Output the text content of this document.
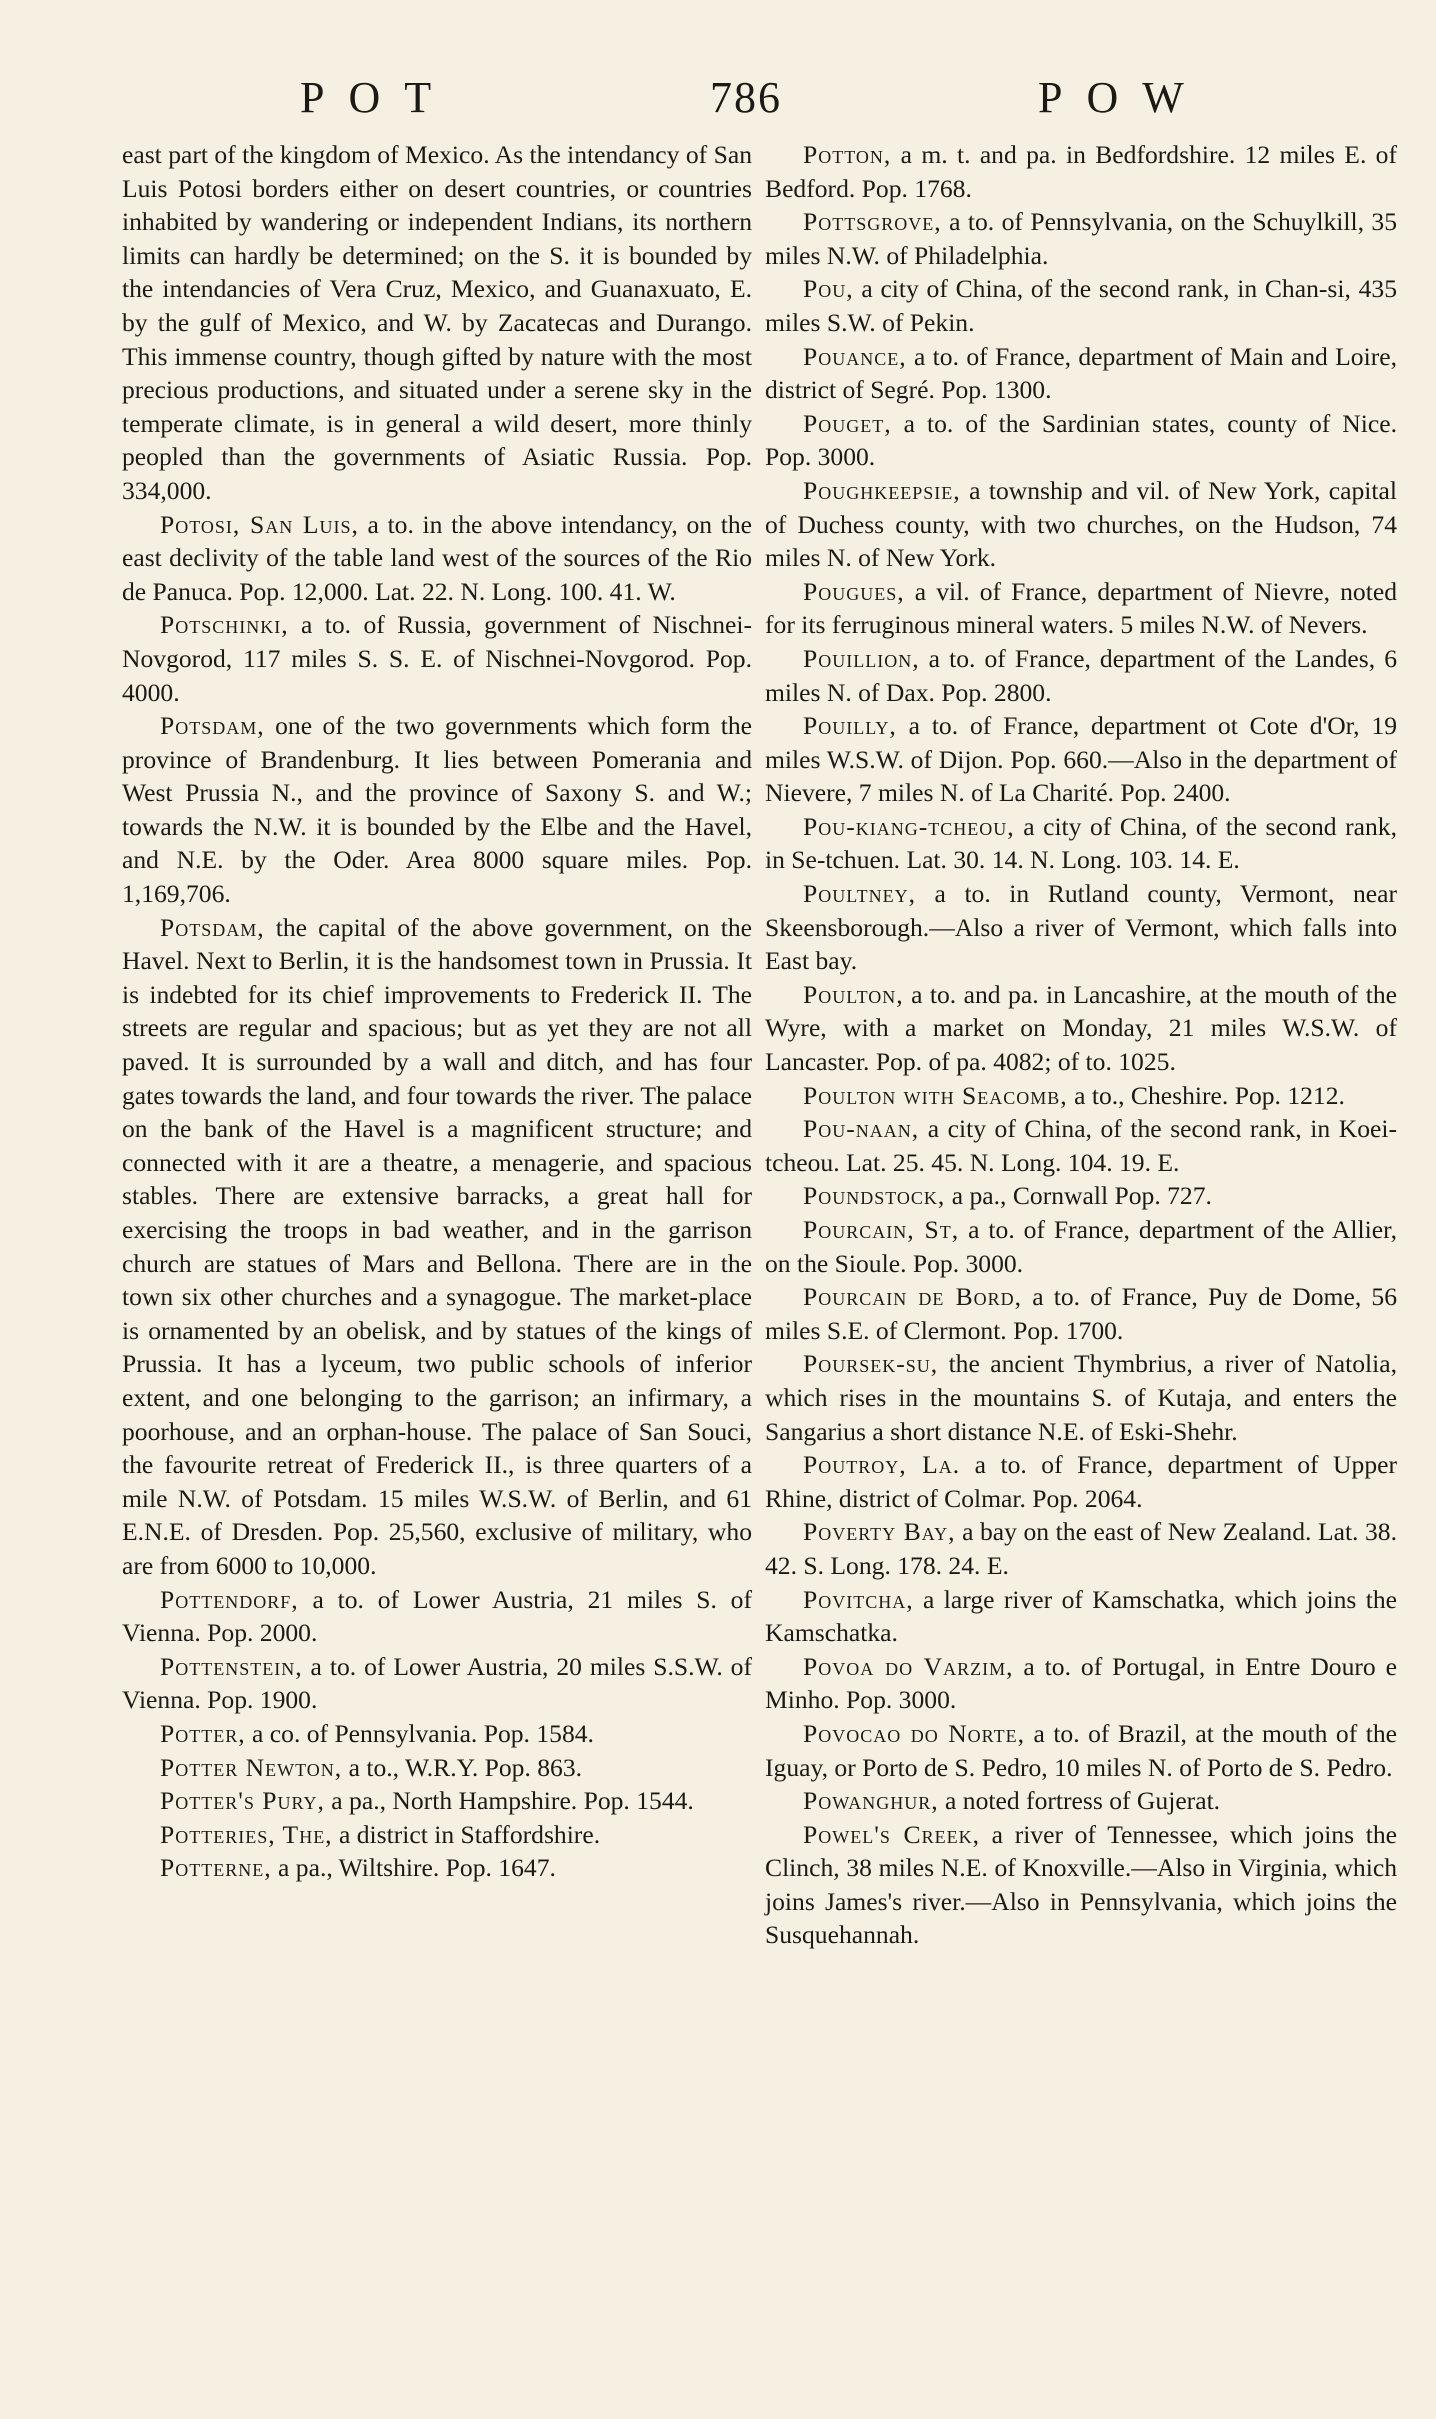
POT	786	POW

east part of the kingdom of Mexico. As the intendancy of San Luis Potosi borders either on desert countries, or countries inhabited by wandering or independent Indians, its northern limits can hardly be determined; on the S. it is bounded by the intendancies of Vera Cruz, Mexico, and Guanaxuato, E. by the gulf of Mexico, and W. by Zacatecas and Durango. This immense country, though gifted by nature with the most precious productions, and situated under a serene sky in the temperate climate, is in general a wild desert, more thinly peopled than the governments of Asiatic Russia. Pop. 334,000.

Potosi, San Luis, a to. in the above intendancy, on the east declivity of the table land west of the sources of the Rio de Panuca. Pop. 12,000. Lat. 22. N. Long. 100. 41. W.

Potschinki, a to. of Russia, government of Nischnei-Novgorod, 117 miles S. S. E. of Nischnei-Novgorod. Pop. 4000.

Potsdam, one of the two governments which form the province of Brandenburg. It lies between Pomerania and West Prussia N., and the province of Saxony S. and W.; towards the N.W. it is bounded by the Elbe and the Havel, and N.E. by the Oder. Area 8000 square miles. Pop. 1,169,706.

Potsdam, the capital of the above government, on the Havel. Next to Berlin, it is the handsomest town in Prussia. It is indebted for its chief improvements to Frederick II. The streets are regular and spacious; but as yet they are not all paved. It is surrounded by a wall and ditch, and has four gates towards the land, and four towards the river. The palace on the bank of the Havel is a magnificent structure; and connected with it are a theatre, a menagerie, and spacious stables. There are extensive barracks, a great hall for exercising the troops in bad weather, and in the garrison church are statues of Mars and Bellona. There are in the town six other churches and a synagogue. The market-place is ornamented by an obelisk, and by statues of the kings of Prussia. It has a lyceum, two public schools of inferior extent, and one belonging to the garrison; an infirmary, a poorhouse, and an orphan-house. The palace of San Souci, the favourite retreat of Frederick II., is three quarters of a mile N.W. of Potsdam. 15 miles W.S.W. of Berlin, and 61 E.N.E. of Dresden. Pop. 25,560, exclusive of military, who are from 6000 to 10,000.

Pottendorf, a to. of Lower Austria, 21 miles S. of Vienna. Pop. 2000.

Pottenstein, a to. of Lower Austria, 20 miles S.S.W. of Vienna. Pop. 1900.

Potter, a co. of Pennsylvania. Pop. 1584.

Potter Newton, a to., W.R.Y. Pop. 863.

Potter's Pury, a pa., North Hampshire. Pop. 1544.

Potteries, The, a district in Staffordshire.

Potterne, a pa., Wiltshire. Pop. 1647.

Potton, a m. t. and pa. in Bedfordshire. 12 miles E. of Bedford. Pop. 1768.

Pottsgrove, a to. of Pennsylvania, on the Schuylkill, 35 miles N.W. of Philadelphia.

Pou, a city of China, of the second rank, in Chan-si, 435 miles S.W. of Pekin.

Pouance, a to. of France, department of Main and Loire, district of Segré. Pop. 1300.

Pouget, a to. of the Sardinian states, county of Nice. Pop. 3000.

Poughkeepsie, a township and vil. of New York, capital of Duchess county, with two churches, on the Hudson, 74 miles N. of New York.

Pougues, a vil. of France, department of Nievre, noted for its ferruginous mineral waters. 5 miles N.W. of Nevers.

Pouillion, a to. of France, department of the Landes, 6 miles N. of Dax. Pop. 2800.

Pouilly, a to. of France, department ot Cote d'Or, 19 miles W.S.W. of Dijon. Pop. 660.—Also in the department of Nievere, 7 miles N. of La Charité. Pop. 2400.

Pou-kiang-tcheou, a city of China, of the second rank, in Se-tchuen. Lat. 30. 14. N. Long. 103. 14. E.

Poultney, a to. in Rutland county, Vermont, near Skeensborough.—Also a river of Vermont, which falls into East bay.

Poulton, a to. and pa. in Lancashire, at the mouth of the Wyre, with a market on Monday, 21 miles W.S.W. of Lancaster. Pop. of pa. 4082; of to. 1025.

Poulton with Seacomb, a to., Cheshire. Pop. 1212.

Pou-naan, a city of China, of the second rank, in Koei-tcheou. Lat. 25. 45. N. Long. 104. 19. E.

Poundstock, a pa., Cornwall Pop. 727.

Pourcain, St, a to. of France, department of the Allier, on the Sioule. Pop. 3000.

Pourcain de Bord, a to. of France, Puy de Dome, 56 miles S.E. of Clermont. Pop. 1700.

Poursek-su, the ancient Thymbrius, a river of Natolia, which rises in the mountains S. of Kutaja, and enters the Sangarius a short distance N.E. of Eski-Shehr.

Poutroy, La. a to. of France, department of Upper Rhine, district of Colmar. Pop. 2064.

Poverty Bay, a bay on the east of New Zealand. Lat. 38. 42. S. Long. 178. 24. E.

Povitcha, a large river of Kamschatka, which joins the Kamschatka.

Povoa do Varzim, a to. of Portugal, in Entre Douro e Minho. Pop. 3000.

Povocao do Norte, a to. of Brazil, at the mouth of the Iguay, or Porto de S. Pedro, 10 miles N. of Porto de S. Pedro.

Powanghur, a noted fortress of Gujerat.

Powel's Creek, a river of Tennessee, which joins the Clinch, 38 miles N.E. of Knoxville.—Also in Virginia, which joins James's river.—Also in Pennsylvania, which joins the Susquehannah.
